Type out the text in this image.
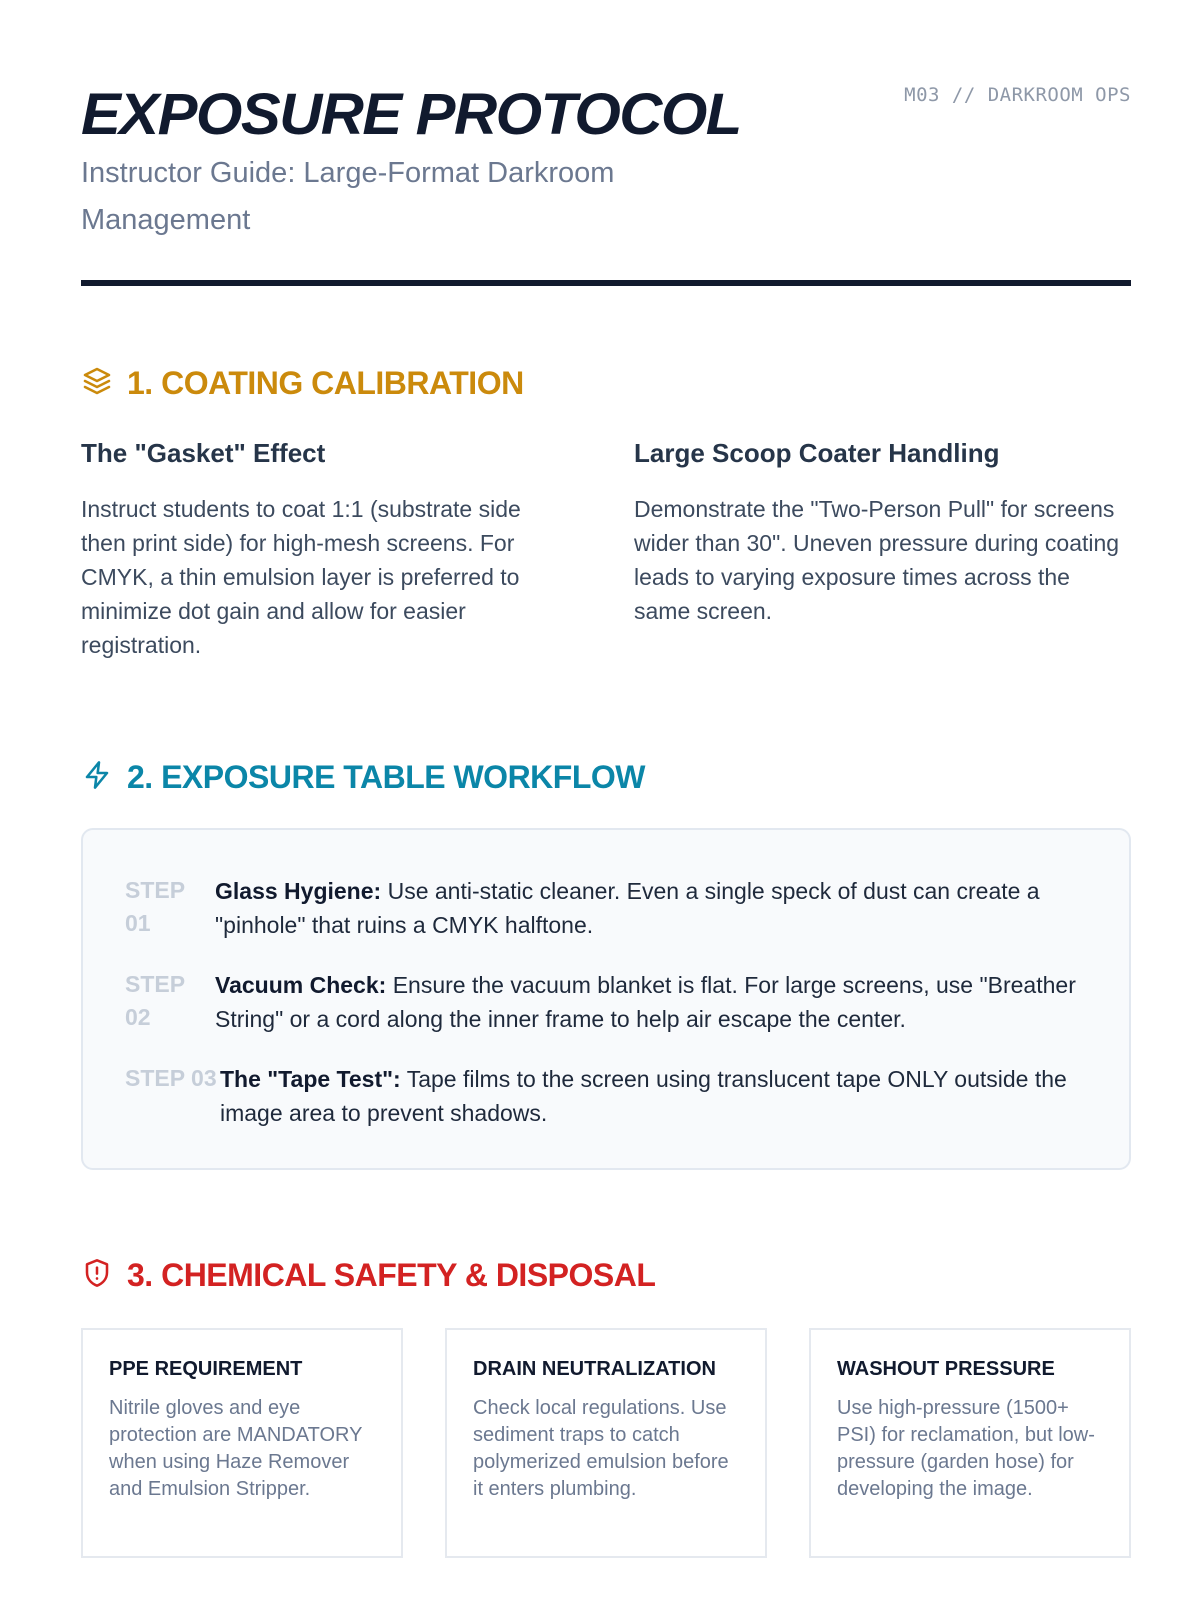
EXPOSURE PROTOCOL
Instructor Guide: Large-Format Darkroom Management
M03 // DARKROOM OPS
1. COATING CALIBRATION
The "Gasket" Effect

Instruct students to coat 1:1 (substrate side then print side) for high-mesh screens. For CMYK, a thin emulsion layer is preferred to minimize dot gain and allow for easier registration.

Large Scoop Coater Handling

Demonstrate the "Two-Person Pull" for screens wider than 30". Uneven pressure during coating leads to varying exposure times across the same screen.

2. EXPOSURE TABLE WORKFLOW
STEP 01
Glass Hygiene: Use anti-static cleaner. Even a single speck of dust can create a "pinhole" that ruins a CMYK halftone.
STEP 02
Vacuum Check: Ensure the vacuum blanket is flat. For large screens, use "Breather String" or a cord along the inner frame to help air escape the center.
STEP 03 The "Tape Test": Tape films to the screen using translucent tape ONLY outside the image area to prevent shadows.
3. CHEMICAL SAFETY & DISPOSAL
PPE REQUIREMENT

Nitrile gloves and eye protection are MANDATORY when using Haze Remover and Emulsion Stripper.

DRAIN NEUTRALIZATION

Check local regulations. Use sediment traps to catch polymerized emulsion before it enters plumbing.

WASHOUT PRESSURE

Use high-pressure (1500+ PSI) for reclamation, but low-pressure (garden hose) for developing the image.
